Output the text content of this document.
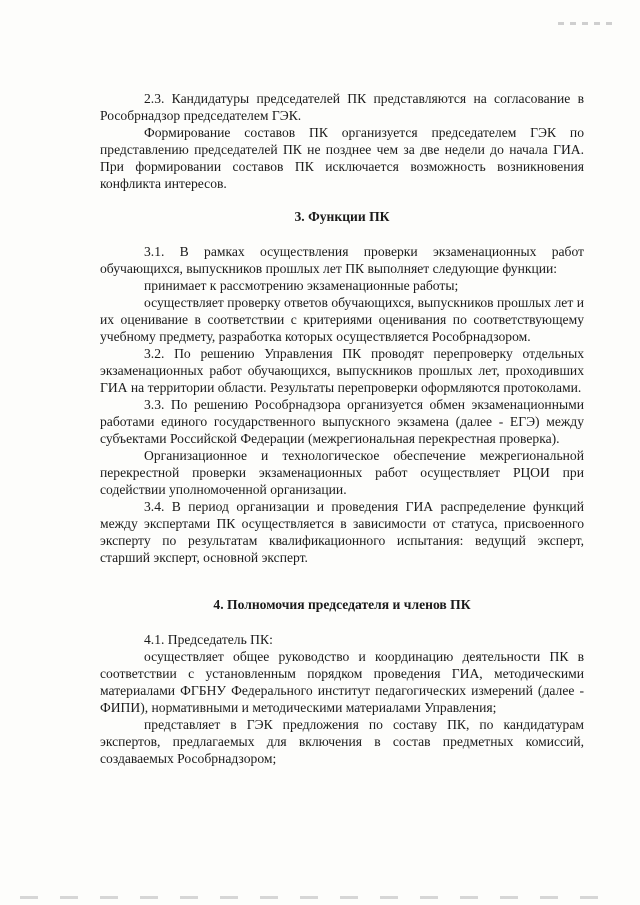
2.3. Кандидатуры председателей ПК представляются на согласование в Рособрнадзор председателем ГЭК.

Формирование составов ПК организуется председателем ГЭК по представлению председателей ПК не позднее чем за две недели до начала ГИА. При формировании составов ПК исключается возможность возникновения конфликта интересов.

3. Функции ПК

3.1. В рамках осуществления проверки экзаменационных работ обучающихся, выпускников прошлых лет ПК выполняет следующие функции:

принимает к рассмотрению экзаменационные работы;

осуществляет проверку ответов обучающихся, выпускников прошлых лет и их оценивание в соответствии с критериями оценивания по соответствующему учебному предмету, разработка которых осуществляется Рособрнадзором.

3.2. По решению Управления ПК проводят перепроверку отдельных экзаменационных работ обучающихся, выпускников прошлых лет, проходивших ГИА на территории области. Результаты перепроверки оформляются протоколами.

3.3. По решению Рособрнадзора организуется обмен экзаменационными работами единого государственного выпускного экзамена (далее - ЕГЭ) между субъектами Российской Федерации (межрегиональная перекрестная проверка).

Организационное и технологическое обеспечение межрегиональной перекрестной проверки экзаменационных работ осуществляет РЦОИ при содействии уполномоченной организации.

3.4. В период организации и проведения ГИА распределение функций между экспертами ПК осуществляется в зависимости от статуса, присвоенного эксперту по результатам квалификационного испытания: ведущий эксперт, старший эксперт, основной эксперт.

4. Полномочия председателя и членов ПК

4.1. Председатель ПК:

осуществляет общее руководство и координацию деятельности ПК в соответствии с установленным порядком проведения ГИА, методическими материалами ФГБНУ Федерального институт педагогических измерений (далее - ФИПИ), нормативными и методическими материалами Управления;

представляет в ГЭК предложения по составу ПК, по кандидатурам экспертов, предлагаемых для включения в состав предметных комиссий, создаваемых Рособрнадзором;
